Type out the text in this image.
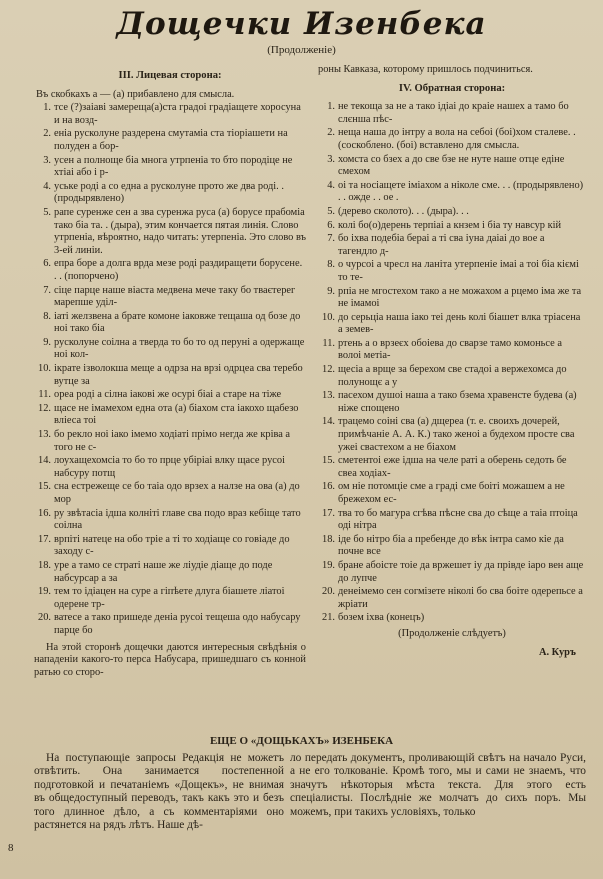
Дощечки Изенбека
(Продолженіе)
III. Лицевая сторона:
Въ скобкахъ а — (а) прибавлено для смысла.
1. тсе (?)заіаві замереща(а)ста градоі градіащете хоросуна и на возд-
2. еніа русколуне раздерена смутаміа ста тіоріашети на полуден а бор-
3. усен а полноще біа многа утрпеніа то бто породіце не хтіаі або і р-
4. уське роді а со една а русколуне прото же два роді. . (продырявлено)
5. рапе суренже сен а зва суренжа руса (а) борусе прабоміа тако біа та. . (дыра), этим кончается пятая линія. Слово утрпеніа, вѣроятно, надо читать: утерпеніа. Это слово въ 3-ей линіи.
6. епра боре а долга врда мезе роді раздиращети борусене. . . (попорчено)
7. сіце парце наше віаста медвена мече таку бо тваєтерег марепше уділ-
8. іаті желзвена а брате комоне іаковже тещаша од бозе до ноі тако біа
9. русколуне соілна а тверда то бо то од перуні а одержаще ноі кол-
10. ікрате ізволокша меще а одрза на врзі одрцеа сва теребо вутце за
11. ореа роді а сілна іакові же осурі біаі а старе на тіже
12. щасе не імамехом една ота (а) біахом ста іакохо щабезо вліеса тоі
13. бо рекло ноі іако імемо ходіаті прімо негда же кріва а того не с-
14. лоухащехомсіа то бо то прце убіріаі влку щасе русоі набсуру потщ
15. сна естрежеще се бо таіа одо врзех а налзе на ова (а) до мор
16. ру звѣтасіа ідша колніті главе сва подо враз кебіще тато соілна
17. врпіті натеце на обо тріе а ті то ходіаще со говіаде до заходу с-
18. уре а тамо се страті наше же ліудіе діаще до поде набсурсар а за
19. тем то ідіацен на суре а гіпѣете длуга біашете ліатоі одерене тр-
20. ватесе а тако пришеде деніа русоі тещеша одо набусару парце бо
На этой сторонѣ дощечки даются интересныя свѣдѣнія о нападеніи какого-то персa Набусара, пришедшаго съ конной ратью со сторо-
роны Кавказа, которому пришлось подчиниться.
IV. Обратная сторона:
1. не текоща за не а тако ідіаі до краіе нашех а тамо бо слєнша пѣс-
2. неща наша до інтру а вола на себоі (боі)хом сталеве. . (соскоблено. (боі) вставлено для смысла.
3. хомста со бзех а до све бзе не нуте наше отце едіне смехом
4. оі та носіащете іміахом а ніколе сме. . . (продырявлено) . . ожде . . ое .
5. (дерево сколото). . . (дыра). . .
6. колі бо(о)дерень терпіаі а кнзем і біа ту навсур кій
7. бо іхва подебіа бераі а ті сва іуна даіаі до вое а тагендло д-
8. о чурсоі а чресл на ланіта утерпеніе імаі а тоі біа кіємі то те-
9. рпіа не мгостехом тако а не можахом а рцемо іма же та не імамоі
10. до серьціа наша іако теі день колі біашет влка трiасена а земев-
11. ртень а о врзеєх обоіева до сварзе тамо комоньсе а волоі метіа-
12. щесіа а врще за берехом све стадоі а вержехомса до полунощє а у
13. пасехом душоі наша а тако бзема хравенсте будева (а) ніже спощено
14. трацемо соіні сва (а) дщереа (т. е. своихъ дочерей, примѣчаніе А. А. К.) тако женоі а будехом просте сва ужеі свастехом а не біахом
15. сметентоі еже ідша на челе раті а оберень седоть бе свеа ходіах-
16. ом ніе потомціе сме а граді сме боіті можашем а не брежехом ес-
17. тва то бо магура сгѣва пѣсне сва до сѣще а таіа птоіца оді нітра
18. іде бо нітро біа а пребенде до вѣк інтра само кіе да почне все
19. бране абоісте тоіе да вржешет іу да прівде іаро вен аще до лупче
20. денеімемо сен согмізете ніколі бо сва боіте одерепьсе а жріати
21. бозем іхва (конецъ)
(Продолженіе слѣдуетъ)
А. Куръ
ЕЩЕ О «ДОЩЬКАХЪ» ИЗЕНБЕКА
На поступающіе запросы Редакція не можетъ отвѣтить. Она занимается постепенной подготовкой и печатаніемъ «Дощекъ», не внимая въ общедоступный переводъ, такъ какъ это и безъ того длинное дѣло, а съ комментаріями оно растянется на рядъ лѣтъ. Наше дѣ-
ло передать документъ, проливающій свѣтъ на начало Руси, а не его толкованіе. Кромѣ того, мы и сами не знаемъ, что значутъ нѣкоторыя мѣста текста. Для этого есть спеціалисты. Послѣдніе же молчатъ до сихъ поръ. Мы можемъ, при такихъ условіяхъ, только
8
